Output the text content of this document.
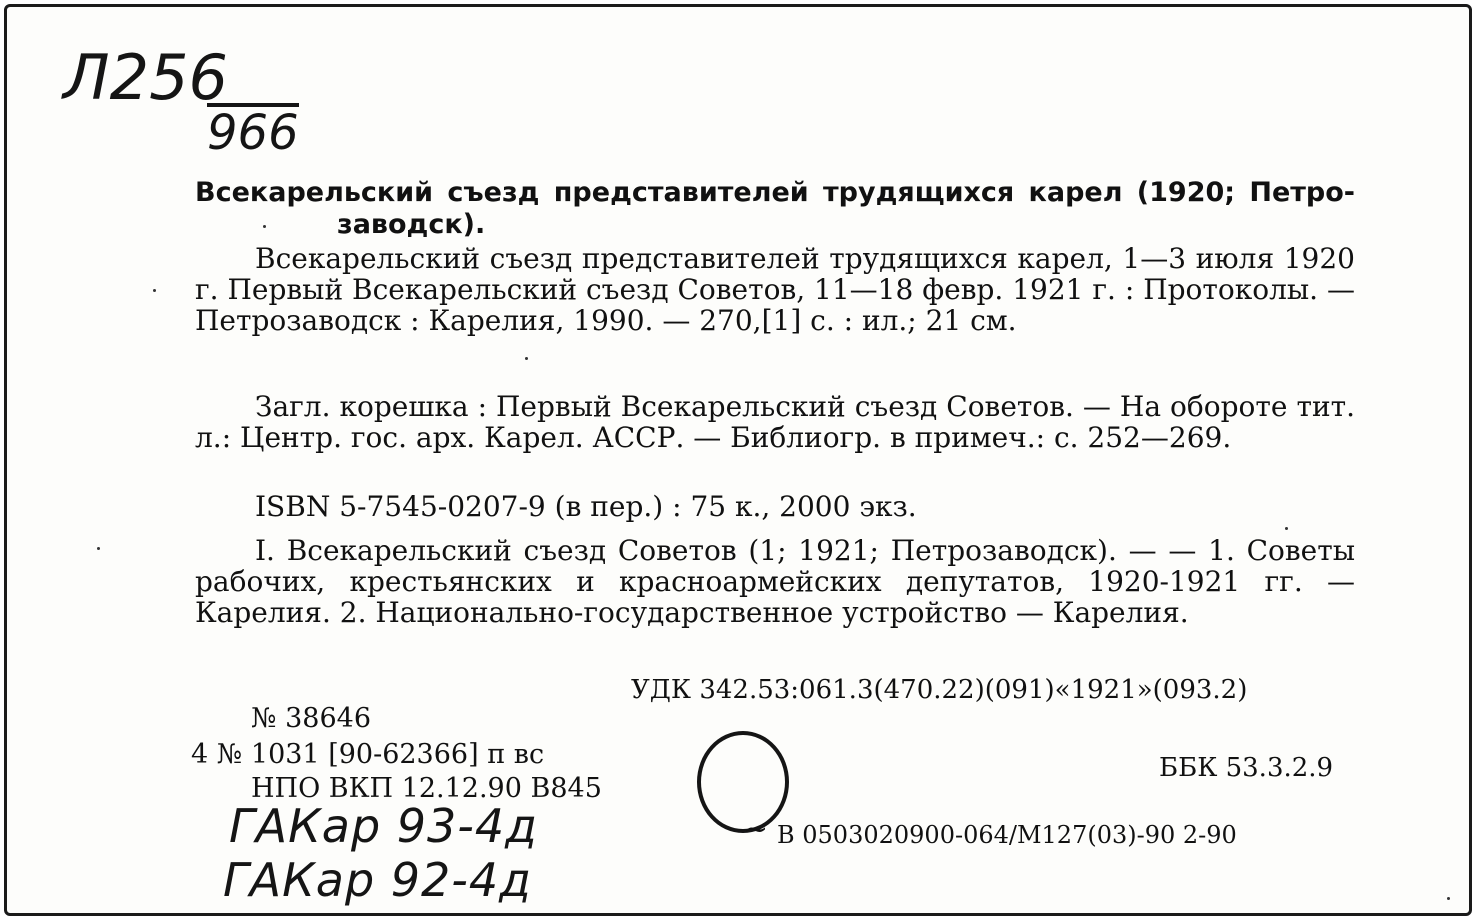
Л256
966
Всекарельский съезд представителей трудящихся карел (1920; Петро-
заводск).
Всекарельский съезд представителей трудящихся карел, 1—3 июля 1920 г. Первый Всекарельский съезд Советов, 11—18 февр. 1921 г. : Протоколы. — Петрозаводск : Карелия, 1990. — 270,[1] с. : ил.; 21 см.
Загл. корешка : Первый Всекарельский съезд Советов. — На обороте тит. л.: Центр. гос. арх. Карел. АССР. — Библиогр. в примеч.: с. 252—269.
ISBN 5-7545-0207-9 (в пер.) : 75 к., 2000 экз.
I. Всекарельский съезд Советов (1; 1921; Петрозаводск). — — 1. Советы рабочих, крестьянских и красноармейских депутатов, 1920-1921 гг. — Карелия. 2. Национально-государственное устройство — Карелия.
УДК 342.53:061.3(470.22)(091)«1921»(093.2)
№ 38646
4 № 1031 [90-62366] п вс
НПО ВКП 12.12.90 В845
~
ББК 53.3.2.9
В 0503020900-064/М127(03)-90 2-90
ГАКар 93-4д
ГАКар 92-4д
